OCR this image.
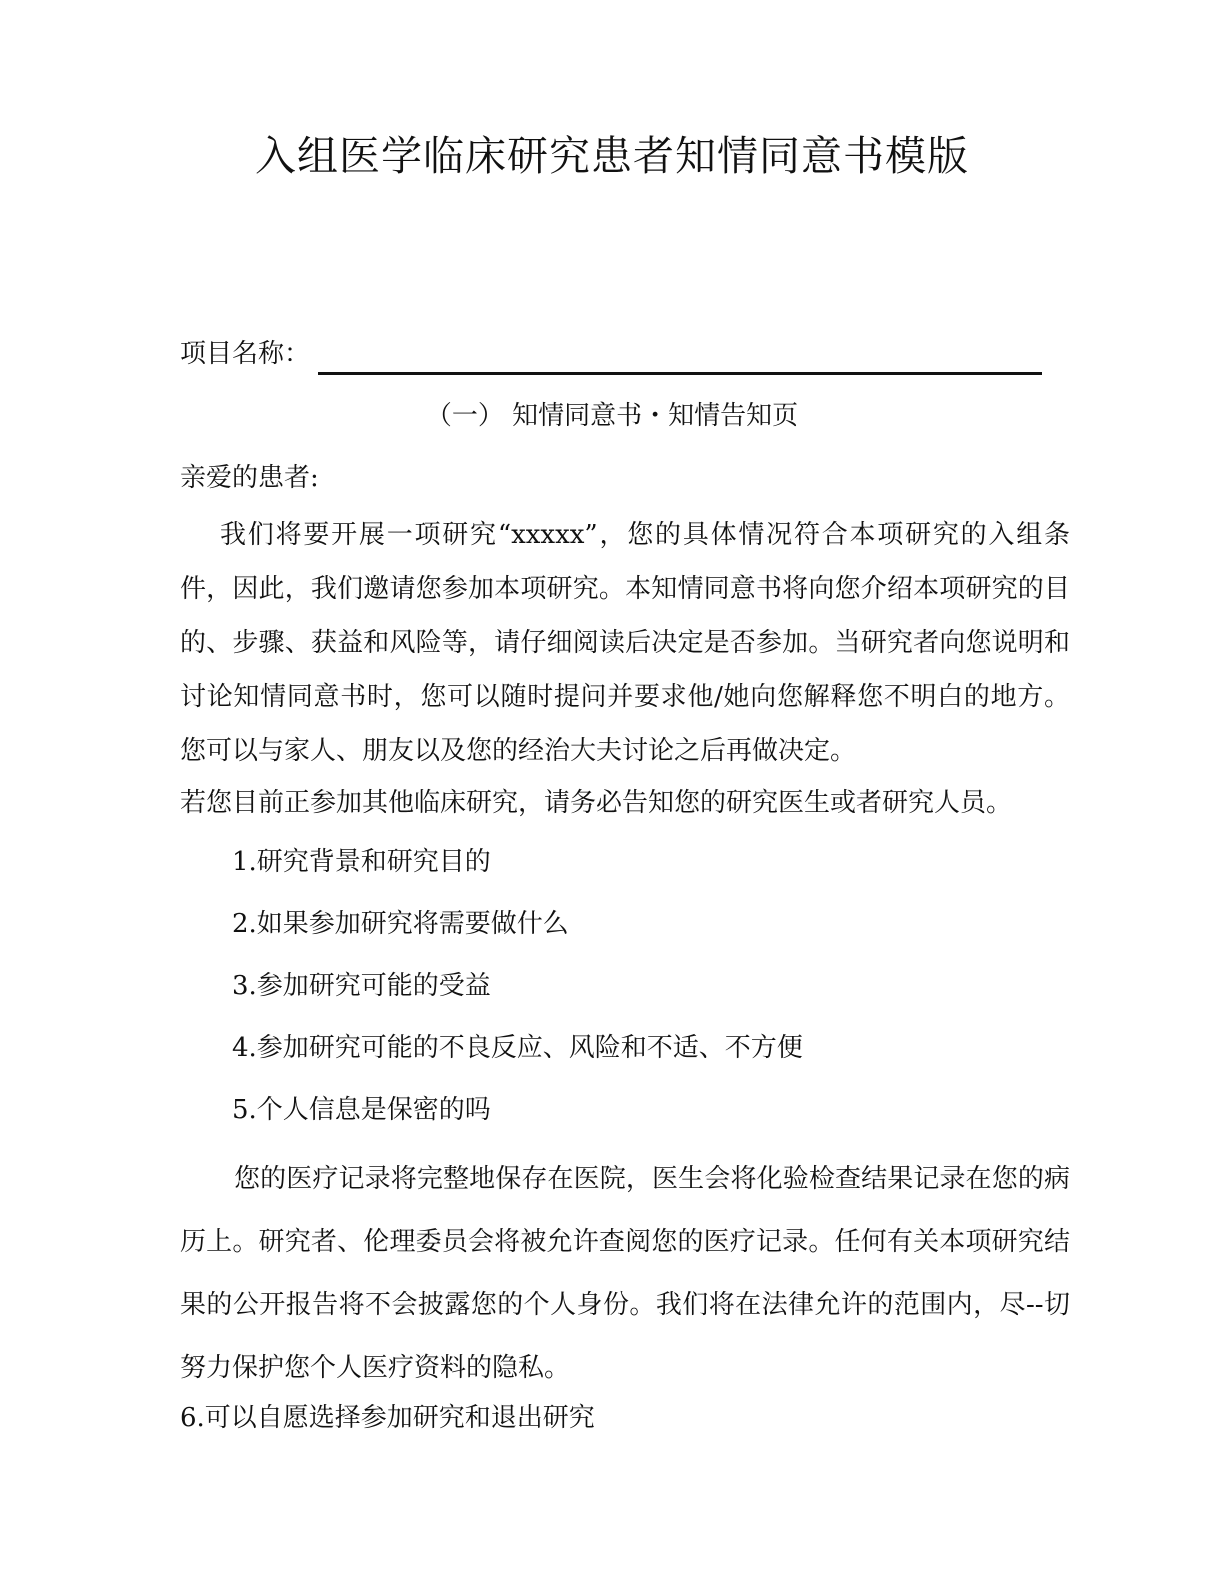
入组医学临床研究患者知情同意书模版
项目名称：
（一） 知情同意书・知情告知页
亲爱的患者:

我们将要开展一项研究“xxxxx”，您的具体情况符合本项研究的入组条件，因此，我们邀请您参加本项研究。本知情同意书将向您介绍本项研究的目的、步骤、获益和风险等，请仔细阅读后决定是否参加。当研究者向您说明和讨论知情同意书时，您可以随时提问并要求他/她向您解释您不明白的地方。您可以与家人、朋友以及您的经治大夫讨论之后再做决定。

若您目前正参加其他临床研究，请务必告知您的研究医生或者研究人员。

1.研究背景和研究目的
2.如果参加研究将需要做什么
3.参加研究可能的受益
4.参加研究可能的不良反应、风险和不适、不方便
5.个人信息是保密的吗

您的医疗记录将完整地保存在医院，医生会将化验检查结果记录在您的病历上。研究者、伦理委员会将被允许查阅您的医疗记录。任何有关本项研究结果的公开报告将不会披露您的个人身份。我们将在法律允许的范围内，尽--切努力保护您个人医疗资料的隐私。

6.可以自愿选择参加研究和退出研究
